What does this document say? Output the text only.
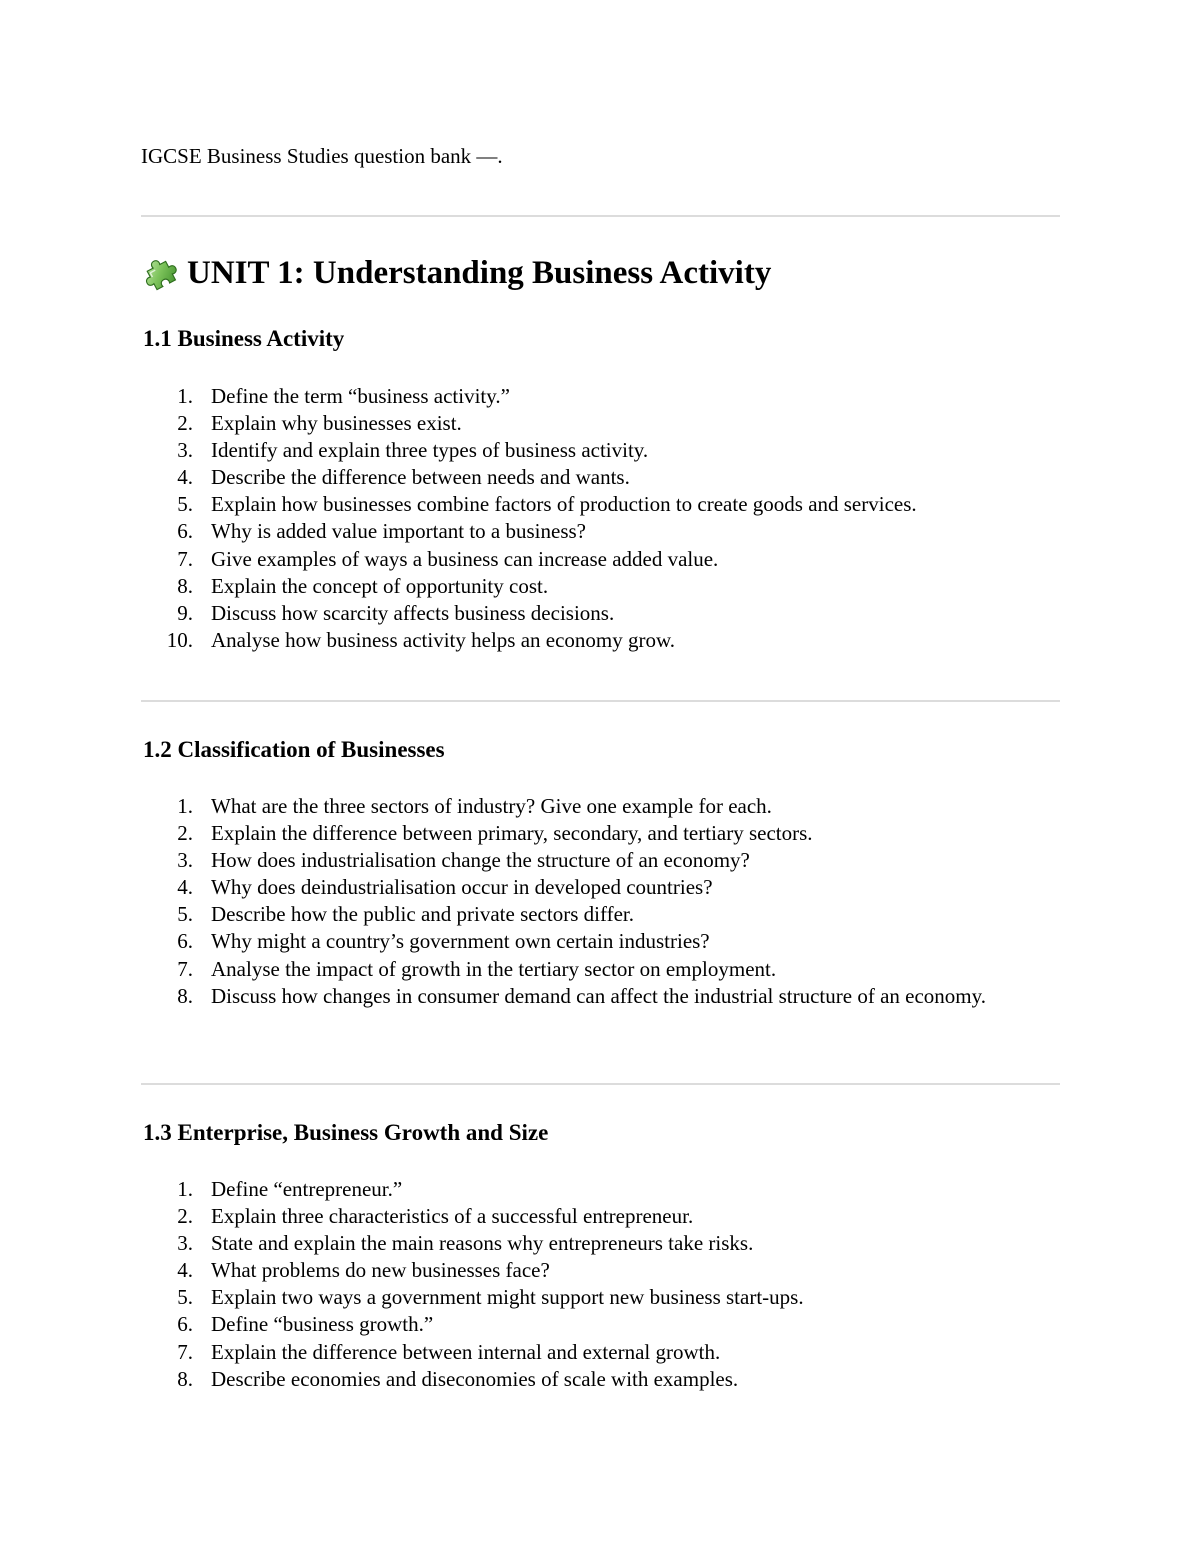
IGCSE Business Studies question bank —.
UNIT 1: Understanding Business Activity
1.1 Business Activity
1. Define the term “business activity.”
2. Explain why businesses exist.
3. Identify and explain three types of business activity.
4. Describe the difference between needs and wants.
5. Explain how businesses combine factors of production to create goods and services.
6. Why is added value important to a business?
7. Give examples of ways a business can increase added value.
8. Explain the concept of opportunity cost.
9. Discuss how scarcity affects business decisions.
10. Analyse how business activity helps an economy grow.
1.2 Classification of Businesses
1. What are the three sectors of industry? Give one example for each.
2. Explain the difference between primary, secondary, and tertiary sectors.
3. How does industrialisation change the structure of an economy?
4. Why does deindustrialisation occur in developed countries?
5. Describe how the public and private sectors differ.
6. Why might a country’s government own certain industries?
7. Analyse the impact of growth in the tertiary sector on employment.
8. Discuss how changes in consumer demand can affect the industrial structure of an economy.
1.3 Enterprise, Business Growth and Size
1. Define “entrepreneur.”
2. Explain three characteristics of a successful entrepreneur.
3. State and explain the main reasons why entrepreneurs take risks.
4. What problems do new businesses face?
5. Explain two ways a government might support new business start-ups.
6. Define “business growth.”
7. Explain the difference between internal and external growth.
8. Describe economies and diseconomies of scale with examples.
